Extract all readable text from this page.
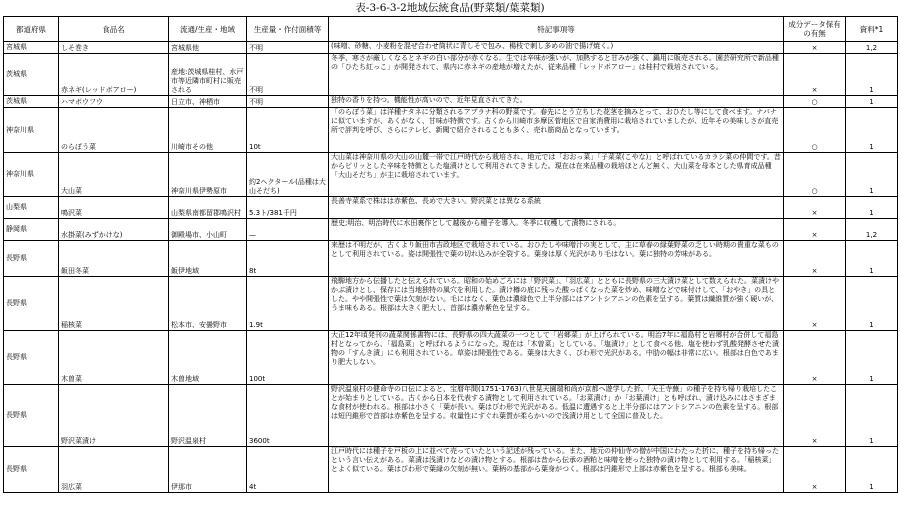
表-3-6-3-2地域伝統食品(野菜類/葉菜類)
都道府県	食品名	流通/生産・地域	生産量・作付面積等	特記事項等	成分データ保有の有無	資料*1
宮城県	しそ巻き	宮城県他	不明	(味噌、砂糖、小麦粉を混ぜ合わせ筒状に青しそで包み、楊枝で刺し多めの油で揚げ焼く。)	×	1,2
茨城県	赤ネギ(レッドボアロー)	産地:茨城県桂村、水戸市等近隣市町村に販売される	不明	冬季、寒さが厳しくなるとネギの白い部分が赤くなる。生では辛味が強いが、加熱すると甘みが強く、鍋用に販売される。園芸研究所で新品種の「ひたち紅っこ」が開発されて、県内に赤ネギの産地が増えたが、従来品種「レッドボアロー」は桂村で栽培されている。	×	1
茨城県	ハマボウフウ	日立市、神栖市	不明	独特の香りを持つ。機能性が高いので、近年見直されてきた。	○	1
神奈川県	のらぼう菜	川崎市その他	10t	「のらぼう菜」は洋種ナタネに分類されるアブラナ科の野菜です。春先にとう立ちした花茎を摘みとって、おひたし等にして食べます。ナバナに似ていますが、あくがなく、甘味が特徴です。古くから川崎市多摩区菅地区で自家消費用に栽培されていましたが、近年その美味しさが直売所で評判を呼び、さらにテレビ、新聞で紹介されることも多く、売れ筋商品となっています。	○	1
神奈川県	大山菜	神奈川県伊勢原市	約2ヘクタール(品種は大山そだち)	大山菜は神奈川県の大山の山麓一帯で江戸時代から栽培され、地元では「おおっ菜」「子菜菜(こやな)」と呼ばれているカラシ菜の仲間です。昔からピリッとした辛味を特徴とした塩漬けとして利用されてきました。現在は在来品種の栽培ほとんど無く、大山菜を母本とした県育成品種「大山そだち」が主に栽培されています。	○	1
山梨県	鳴沢菜	山梨県南都留郡鳴沢村	5.3ト/381千円	長善寺菜系で株はは赤紫色、長めで大きい。野沢菜とは異なる系統	×	1
静岡県	水掛菜(みずかけな)	御殿場市、小山町	—	歴史;明治、明治時代に水田裏作として越後から種子を導入。冬季に収穫して漬物にされる。	×	1,2
長野県	飯田冬菜	飯伊地域	8t	来歴は不明だが、古くより飯田市吉政地区で栽培されている。おひたしや味噌汁の実として、主に草春の緑葉野菜の乏しい時期の貴重な菜ものとして利用されている。姿は開張性で葉の切れ込みが全裂する。葉身は厚く光沢があり毛はない。葉に独特の芳味がある。	×	1
長野県	稲核菜	松本市、安曇野市	1.9t	飛騨地方から伝播したと伝えられている。昭和の始めごろには「野沢菜」、「羽広菜」とともに長野県の三大漬け菜として数えられた。菜漬けやかぶ漬けとし、保存には当地独特の風穴を利用した。漬け樽の底に残った酸っぱくなった菜を炒め、味噌などで味付けして、「おやき」の具とした。やや開張性で葉は欠刻がない。毛にはなく、葉色は濃緑色で上半分部にはアントシアニンの色素を呈する。葉質は繊維質が強く硬いが、うま味もある。根部は大きく肥大し、首部は濃赤紫色を呈する。	×	1
長野県	木曽菜	木曽地域	100t	大正12年頃発刊の蔬菜関係書物には、長野県の四大蔬菜の一つとして「岩郷菜」が上げられている。明治7年に福島村と岩郷村が合併して福島村となってから、「福島菜」と呼ばれるようになった。現在は「木曽菜」としている。「塩漬け」として食べる他、塩を使わず乳酸発酵させた漬物の「すんき漬」にも利用されている。草姿は開張性である。葉身は大きく、びわ形で光沢がある。中肋の幅は非常に広い。根部は白色であまり肥大しない。	×	1
長野県	野沢菜漬け	野沢温泉村	3600t	野沢温泉村の健命寺の口伝によると、宝暦年間(1751-1763)八世晃天園瑞和尚が京都へ遊学した折、「天王寺蕪」の種子を持ち帰り栽培したことが始まりとしている。古くから日本を代表する漬物として利用されている。「お菜漬け」か「お葉漬け」とも呼ばれ、漬け込みにはさまざまな食材が使われる。根部は小さく「葉が長い。葉はびわ形で光沢がある。低温に遭遇すると上半分部にはアントシアニンの色素を呈する。根部は短円錐形で首部は赤紫色を呈する。収量性にすぐれ葉質が柔らかいので浅漬け用として全国に普及した。	×	1
長野県	羽広菜	伊那市	4t	江戸時代には種子を戸板の上に並べて売っていたという記述が残っている。また、地元の仲仙寺の僧が中国にわたった折に、種子を持ち帰ったという言い伝えがある。菜漬は浅漬けなどの漬け物とする。根部は昔から伝承の酒粕と味噌を使った独特の漬け物として利用する。「稲核菜」とよく似ている。葉はびわ形で葉縁の欠刻が無い。葉柄の基部から葉身がつく。根部は円錐形で上部は赤紫色を呈する。根部も美味。	×	1
